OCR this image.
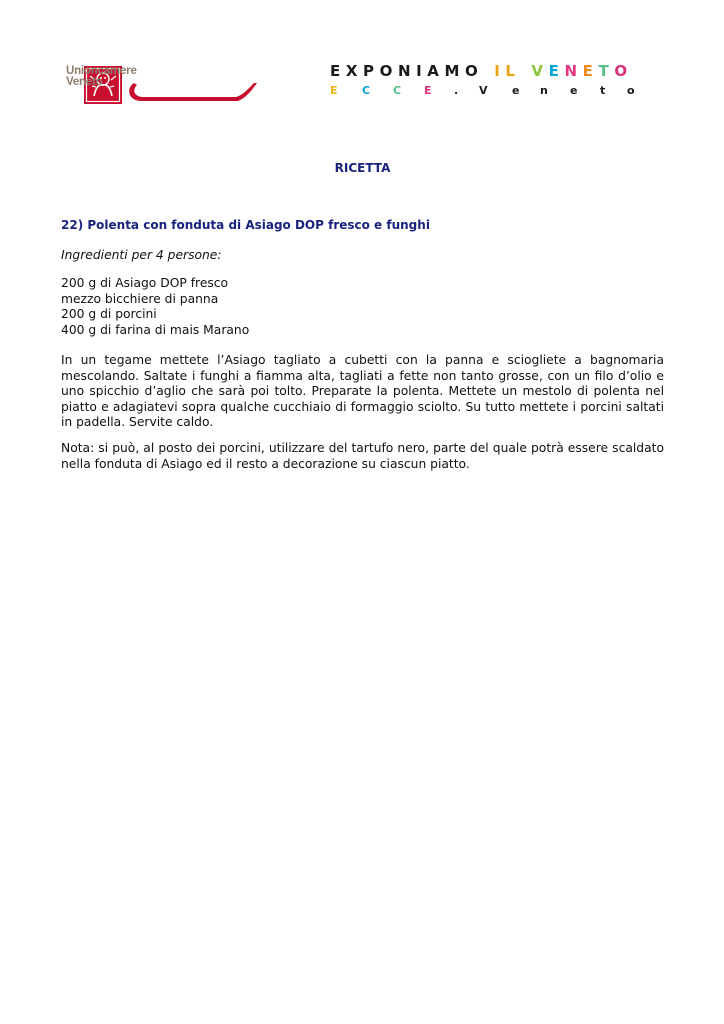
Unioncamere
Veneto
EXPONIAMO IL VENETO
E C C E . V e n e t o
RICETTA
22) Polenta con fonduta di Asiago DOP fresco e funghi
Ingredienti per 4 persone:
200 g di Asiago DOP fresco
mezzo bicchiere di panna
200 g di porcini
400 g di farina di mais Marano

In un tegame mettete l’Asiago tagliato a cubetti con la panna e sciogliete a bagnomaria mescolando. Saltate i funghi a fiamma alta, tagliati a fette non tanto grosse, con un filo d’olio e uno spicchio d’aglio che sarà poi tolto. Preparate la polenta. Mettete un mestolo di polenta nel piatto e adagiatevi sopra qualche cucchiaio di formaggio sciolto. Su tutto mettete i porcini saltati in padella. Servite caldo.

Nota: si può, al posto dei porcini, utilizzare del tartufo nero, parte del quale potrà essere scaldato nella fonduta di Asiago ed il resto a decorazione su ciascun piatto.
